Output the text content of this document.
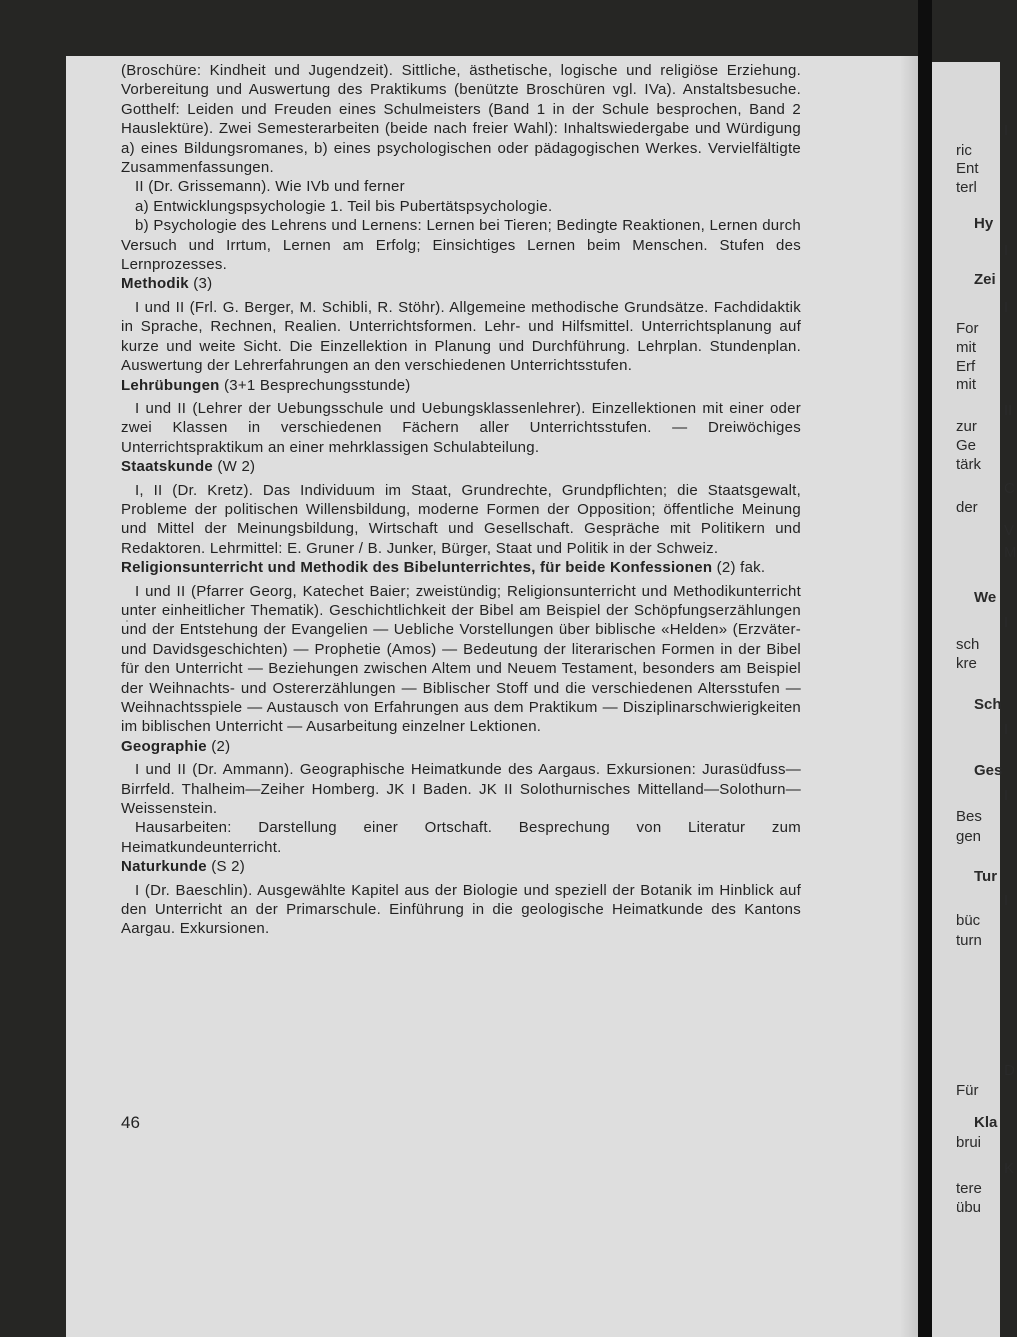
I
ric
Ent
terl
Hy
I
Zei
I
For
mit
Erf
mit
II
zur
Ge
tärk
C
der
V
M
We
I
sch
kre
Sch
I
Ges
I
Bes
gen
Tur
I
büc
turn
D
Für
Kla
brui
K
tere
übu

(Broschüre: Kindheit und Jugendzeit). Sittliche, ästhetische, logische und religiöse Erziehung. Vorbereitung und Auswertung des Praktikums (benützte Broschüren vgl. IVa). Anstaltsbesuche. Gotthelf: Leiden und Freuden eines Schulmeisters (Band 1 in der Schule besprochen, Band 2 Hauslektüre). Zwei Semesterarbeiten (beide nach freier Wahl): Inhaltswiedergabe und Würdigung a) eines Bildungsromanes, b) eines psychologischen oder pädagogischen Werkes. Vervielfältigte Zusammenfassungen.

II (Dr. Grissemann). Wie IVb und ferner

a) Entwicklungspsychologie 1. Teil bis Pubertätspsychologie.

b) Psychologie des Lehrens und Lernens: Lernen bei Tieren; Bedingte Reaktionen, Lernen durch Versuch und Irrtum, Lernen am Erfolg; Einsichtiges Lernen beim Menschen. Stufen des Lernprozesses.

Methodik (3)

I und II (Frl. G. Berger, M. Schibli, R. Stöhr). Allgemeine methodische Grundsätze. Fachdidaktik in Sprache, Rechnen, Realien. Unterrichtsformen. Lehr- und Hilfsmittel. Unterrichtsplanung auf kurze und weite Sicht. Die Einzellektion in Planung und Durchführung. Lehrplan. Stundenplan. Auswertung der Lehrerfahrungen an den verschiedenen Unterrichtsstufen.

Lehrübungen (3+1 Besprechungsstunde)

I und II (Lehrer der Uebungsschule und Uebungsklassenlehrer). Einzellektionen mit einer oder zwei Klassen in verschiedenen Fächern aller Unterrichtsstufen. — Dreiwöchiges Unterrichtspraktikum an einer mehrklassigen Schulabteilung.

Staatskunde (W 2)

I, II (Dr. Kretz). Das Individuum im Staat, Grundrechte, Grundpflichten; die Staatsgewalt, Probleme der politischen Willensbildung, moderne Formen der Opposition; öffentliche Meinung und Mittel der Meinungsbildung, Wirtschaft und Gesellschaft. Gespräche mit Politikern und Redaktoren. Lehrmittel: E. Gruner / B. Junker, Bürger, Staat und Politik in der Schweiz.

Religionsunterricht und Methodik des Bibelunterrichtes, für beide Konfessionen (2) fak.

I und II (Pfarrer Georg, Katechet Baier; zweistündig; Religionsunterricht und Methodikunterricht unter einheitlicher Thematik). Geschichtlichkeit der Bibel am Beispiel der Schöpfungserzählungen und der Entstehung der Evangelien — Uebliche Vorstellungen über biblische «Helden» (Erzväter- und Davidsgeschichten) — Prophetie (Amos) — Bedeutung der literarischen Formen in der Bibel für den Unterricht — Beziehungen zwischen Altem und Neuem Testament, besonders am Beispiel der Weihnachts- und Ostererzählungen — Biblischer Stoff und die verschiedenen Altersstufen — Weihnachtsspiele — Austausch von Erfahrungen aus dem Praktikum — Disziplinarschwierigkeiten im biblischen Unterricht — Ausarbeitung einzelner Lektionen.

Geographie (2)

I und II (Dr. Ammann). Geographische Heimatkunde des Aargaus. Exkursionen: Jurasüdfuss—Birrfeld. Thalheim—Zeiher Homberg. JK I Baden. JK II Solothurnisches Mittelland—Solothurn—Weissenstein.

Hausarbeiten: Darstellung einer Ortschaft. Besprechung von Literatur zum Heimatkundeunterricht.

Naturkunde (S 2)

I (Dr. Baeschlin). Ausgewählte Kapitel aus der Biologie und speziell der Botanik im Hinblick auf den Unterricht an der Primarschule. Einführung in die geologische Heimatkunde des Kantons Aargau. Exkursionen.

46
